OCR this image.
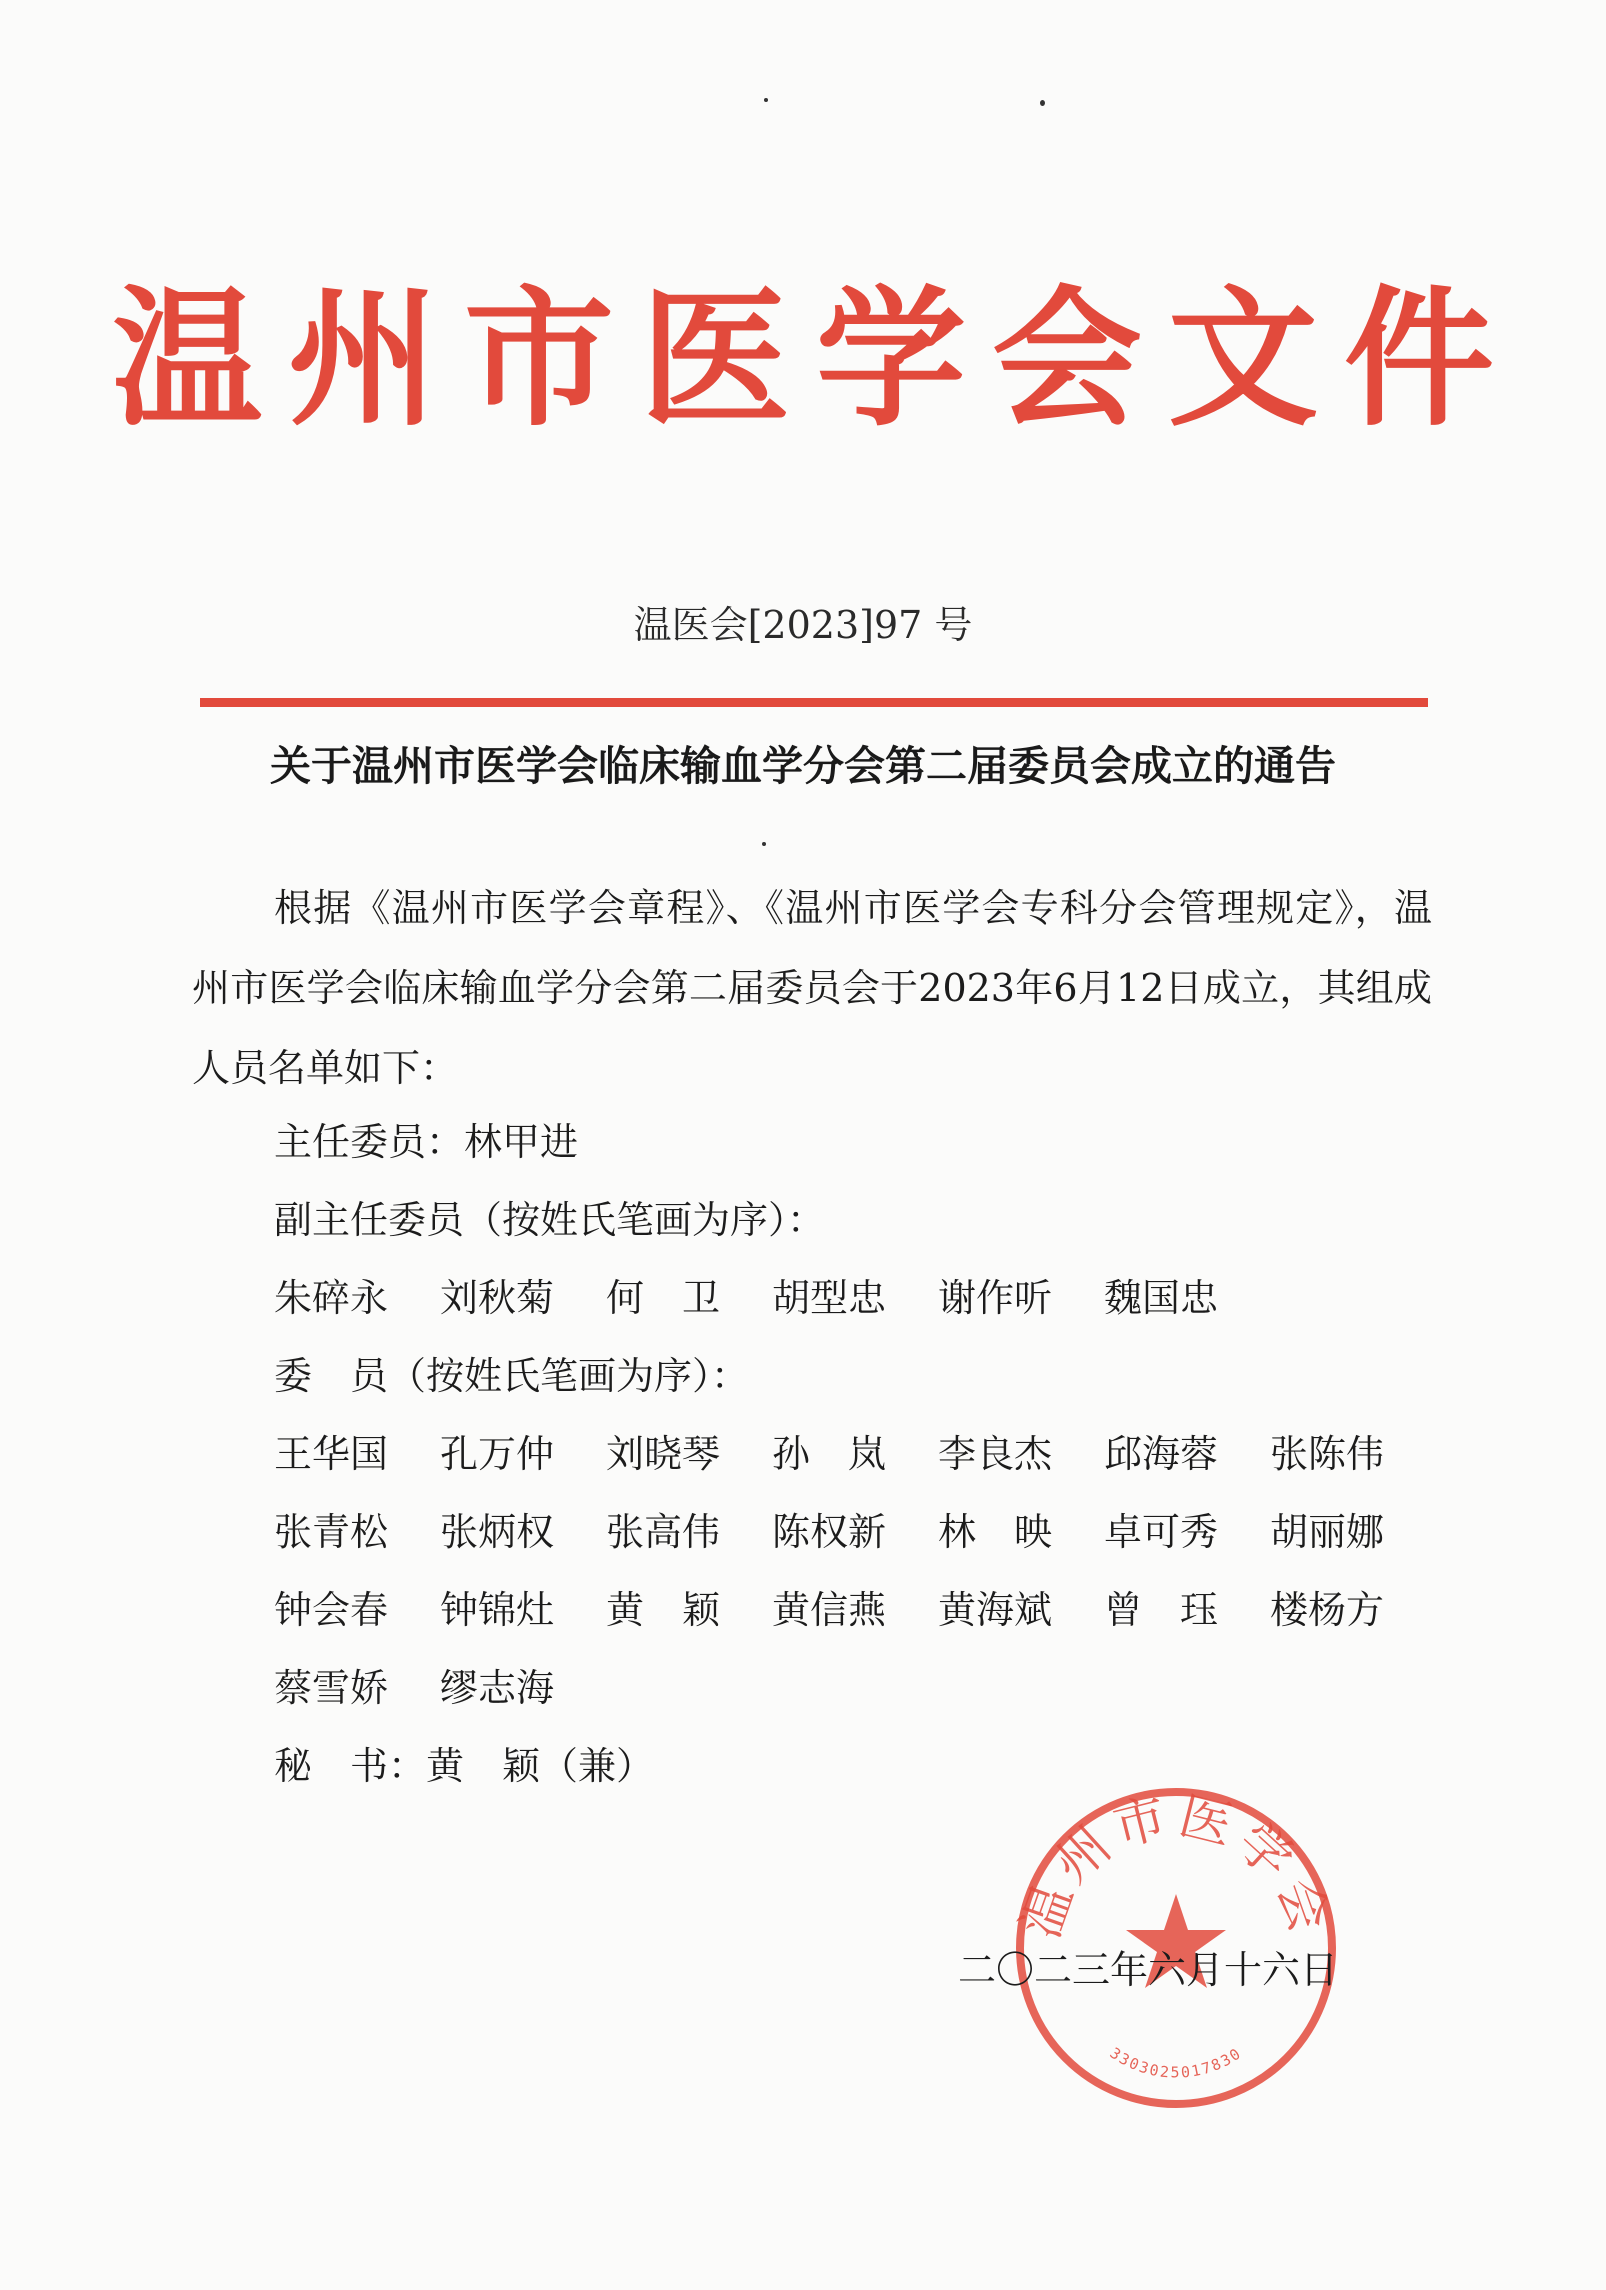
温州市医学会文件
温医会[2023]97 号
关于温州市医学会临床输血学分会第二届委员会成立的通告
根据《温州市医学会章程》、《温州市医学会专科分会管理规定》，温州市医学会临床输血学分会第二届委员会于2023年6月12日成立，其组成人员名单如下：
主任委员：林甲进
副主任委员（按姓氏笔画为序）：
朱碎永 刘秋菊 何　卫 胡型忠 谢作听 魏国忠
委　员（按姓氏笔画为序）：
王华国 孔万仲 刘晓琴 孙　岚 李良杰 邱海蓉 张陈伟
张青松 张炳权 张高伟 陈权新 林　映 卓可秀 胡丽娜
钟会春 钟锦灶 黄　颖 黄信燕 黄海斌 曾　珏 楼杨方
蔡雪娇 缪志海
秘　书：黄　颖（兼）
温州市医学会
3303025017830
二〇二三年六月十六日
